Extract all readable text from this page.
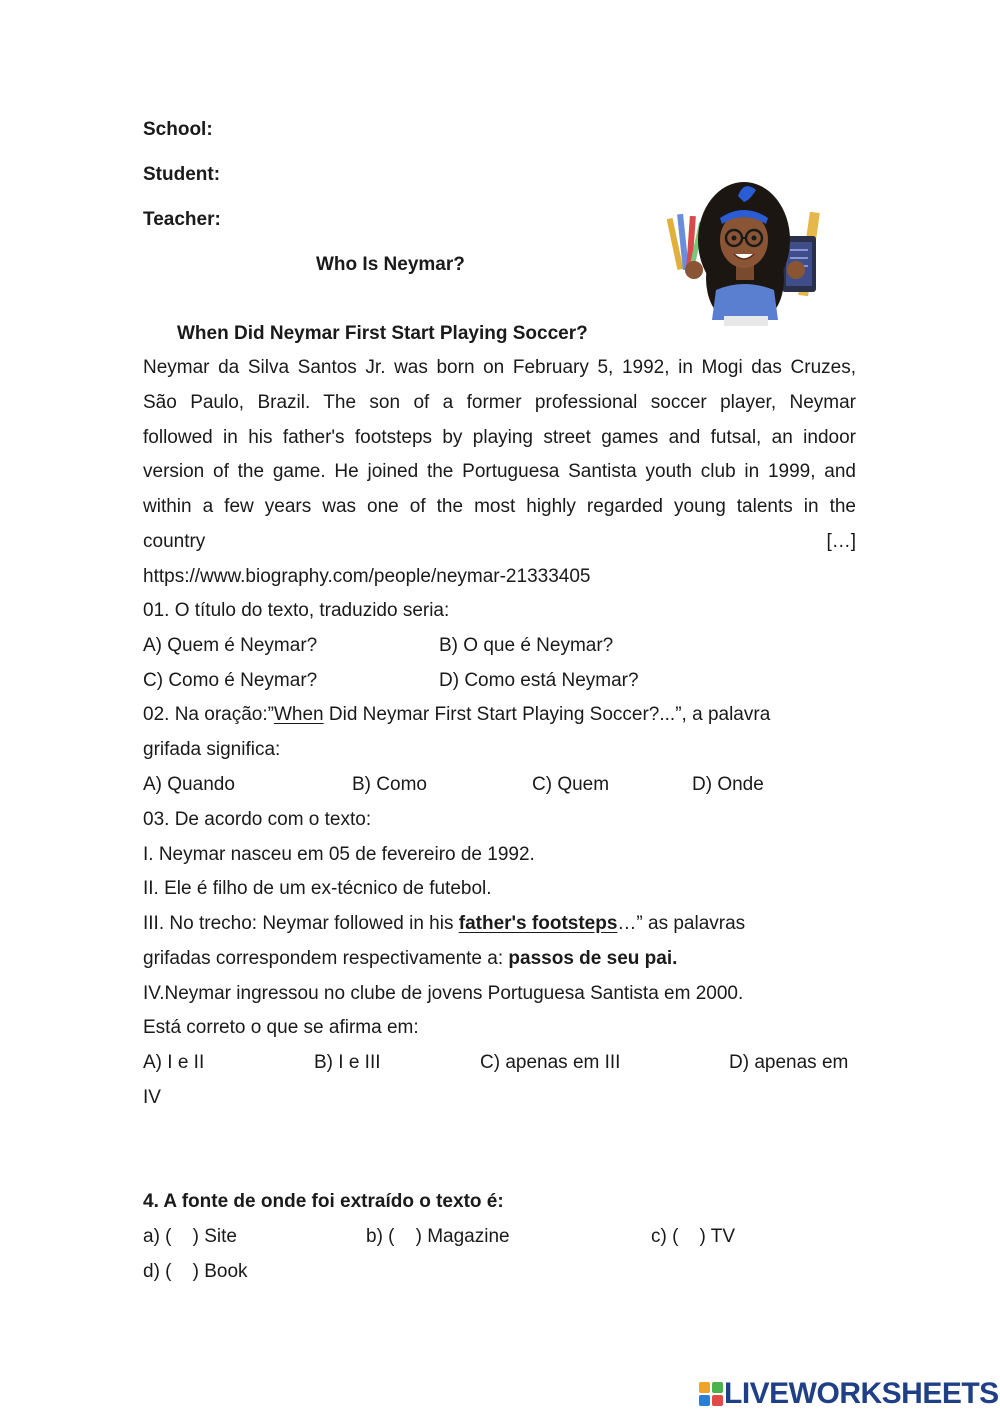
School:
Student:
Teacher:
Who Is Neymar?
When Did Neymar First Start Playing Soccer?
Neymar da Silva Santos Jr. was born on February 5, 1992, in Mogi das Cruzes,
São Paulo, Brazil. The son of a former professional soccer player, Neymar
followed in his father's footsteps by playing street games and futsal, an indoor
version of the game. He joined the Portuguesa Santista youth club in 1999, and
within a few years was one of the most highly regarded young talents in the
country	[…]
https://www.biography.com/people/neymar-21333405
01. O título do texto, traduzido seria:
A) Quem é Neymar?	B) O que é Neymar?
C) Como é Neymar?	D) Como está Neymar?
02. Na oração:”When Did Neymar First Start Playing Soccer?...”, a palavra
grifada significa:
A) Quando	B) Como	C) Quem	D) Onde
03. De acordo com o texto:
I. Neymar nasceu em 05 de fevereiro de 1992.
II. Ele é filho de um ex-técnico de futebol.
III. No trecho: Neymar followed in his father's footsteps…” as palavras
grifadas correspondem respectivamente a: passos de seu pai.
IV.Neymar ingressou no clube de jovens Portuguesa Santista em 2000.
Está correto o que se afirma em:
A) I e II	B) I e III	C) apenas em III	D) apenas em
IV
4. A fonte de onde foi extraído o texto é:
a) (    ) Site	b) (    ) Magazine	c) (    ) TV
d) (    ) Book
LIVEWORKSHEETS
